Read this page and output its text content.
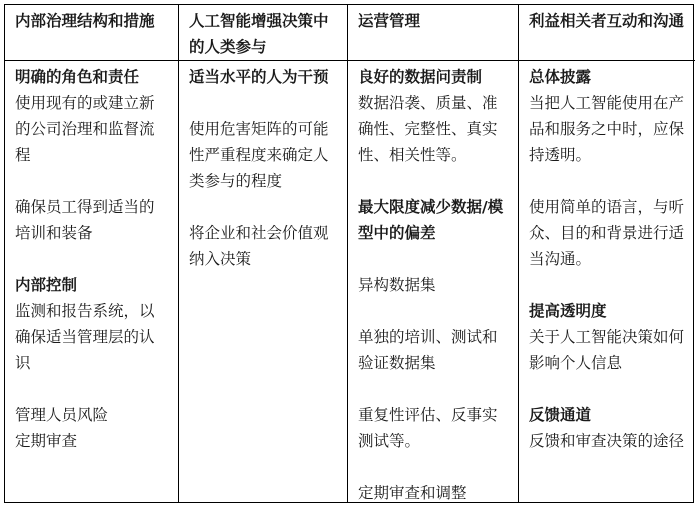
内部治理结构和措施	人工智能增强决策中的人类参与
运营管理	利益相关者互动和沟通
明确的角色和责任
使用现有的或建立新的公司治理和监督流程
确保员工得到适当的培训和装备
内部控制
监测和报告系统，以确保适当管理层的认识
管理人员风险
定期审查
适当水平的人为干预
使用危害矩阵的可能性严重程度来确定人类参与的程度
将企业和社会价值观纳入决策
良好的数据问责制
数据沿袭、质量、准确性、完整性、真实性、相关性等。
最大限度减少数据/模型中的偏差
异构数据集
单独的培训、测试和验证数据集
重复性评估、反事实测试等。
定期审查和调整
总体披露
当把人工智能使用在产品和服务之中时，应保持透明。
使用简单的语言，与听众、目的和背景进行适当沟通。
提高透明度
关于人工智能决策如何影响个人信息
反馈通道
反馈和审查决策的途径
